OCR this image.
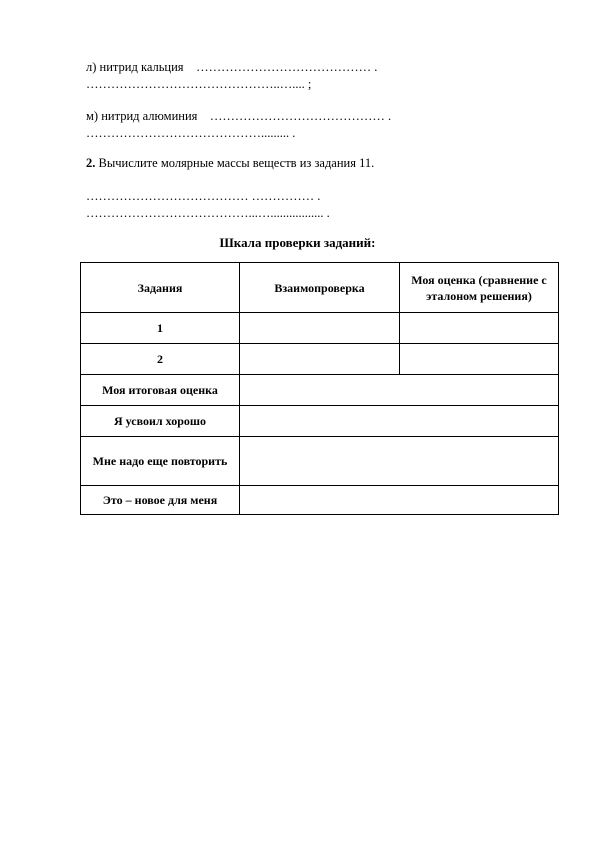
л) нитрид кальция …………………………………… .
………………………………………..….... ;
м) нитрид алюминия …………………………………… .
……………………………………......... .
2. Вычислите молярные массы веществ из задания 11.
………………………………… …………… .
…………………………………...…................. .
Шкала проверки заданий:
Задания	Взаимопроверка	Моя оценка (сравнение с эталоном решения)
1		
2		
Моя итоговая оценка		
Я усвоил хорошо		
Мне надо еще повторить		
Это – новое для меня		
